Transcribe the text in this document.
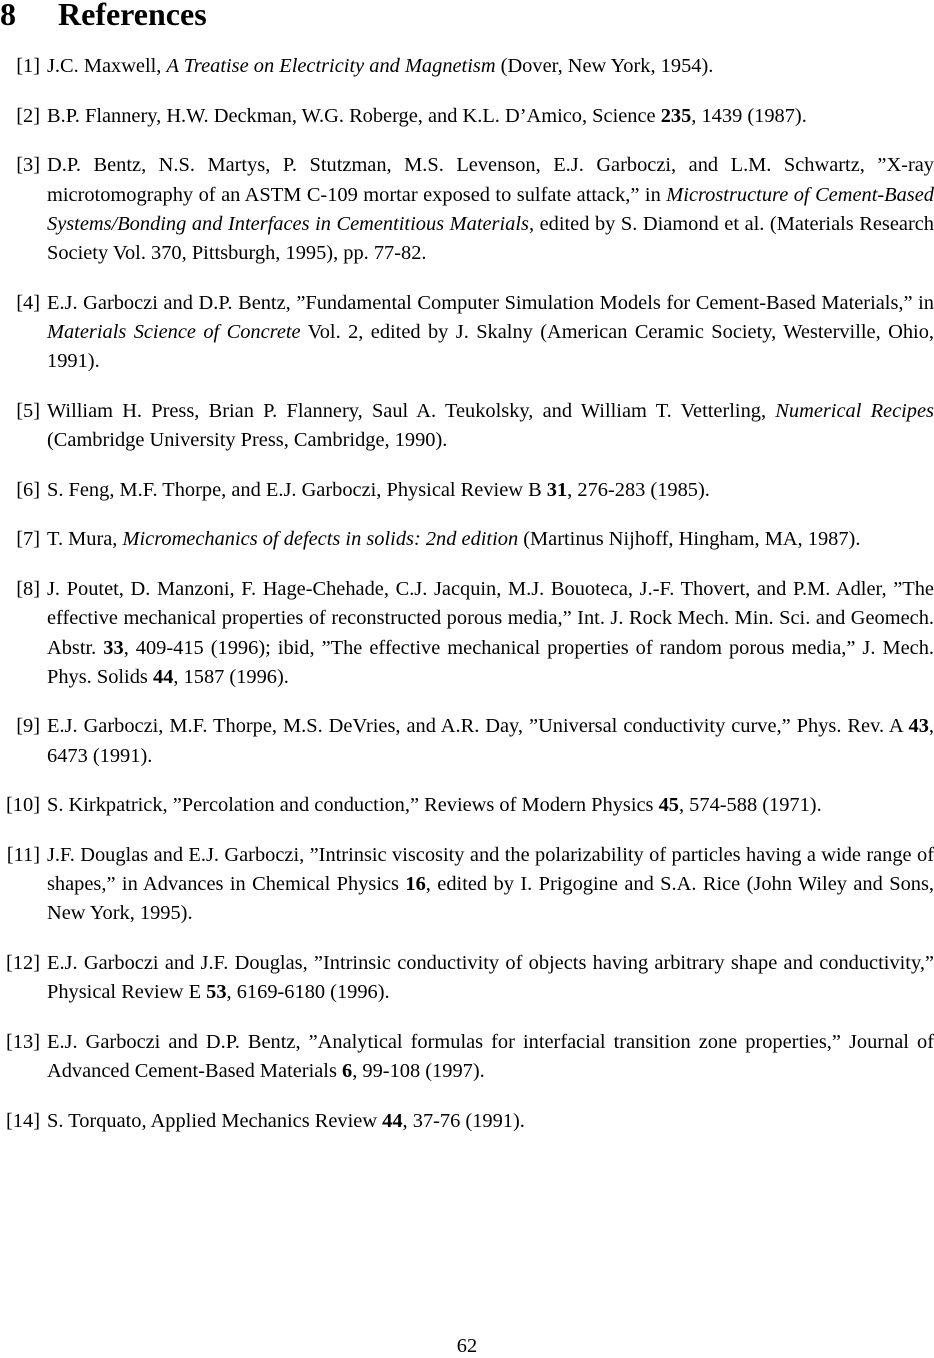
8 References
[1] J.C. Maxwell, A Treatise on Electricity and Magnetism (Dover, New York, 1954).
[2] B.P. Flannery, H.W. Deckman, W.G. Roberge, and K.L. D’Amico, Science 235, 1439 (1987).
[3] D.P. Bentz, N.S. Martys, P. Stutzman, M.S. Levenson, E.J. Garboczi, and L.M. Schwartz, ”X-ray microtomography of an ASTM C-109 mortar exposed to sulfate attack,” in Microstructure of Cement-Based Systems/Bonding and Interfaces in Cementitious Materials, edited by S. Diamond et al. (Materials Research Society Vol. 370, Pittsburgh, 1995), pp. 77-82.
[4] E.J. Garboczi and D.P. Bentz, ”Fundamental Computer Simulation Models for Cement-Based Materials,” in Materials Science of Concrete Vol. 2, edited by J. Skalny (American Ceramic Society, Westerville, Ohio, 1991).
[5] William H. Press, Brian P. Flannery, Saul A. Teukolsky, and William T. Vetterling, Numerical Recipes (Cambridge University Press, Cambridge, 1990).
[6] S. Feng, M.F. Thorpe, and E.J. Garboczi, Physical Review B 31, 276-283 (1985).
[7] T. Mura, Micromechanics of defects in solids: 2nd edition (Martinus Nijhoff, Hingham, MA, 1987).
[8] J. Poutet, D. Manzoni, F. Hage-Chehade, C.J. Jacquin, M.J. Bouoteca, J.-F. Thovert, and P.M. Adler, ”The effective mechanical properties of reconstructed porous media,” Int. J. Rock Mech. Min. Sci. and Geomech. Abstr. 33, 409-415 (1996); ibid, ”The effective mechanical properties of random porous media,” J. Mech. Phys. Solids 44, 1587 (1996).
[9] E.J. Garboczi, M.F. Thorpe, M.S. DeVries, and A.R. Day, ”Universal conductivity curve,” Phys. Rev. A 43, 6473 (1991).
[10] S. Kirkpatrick, ”Percolation and conduction,” Reviews of Modern Physics 45, 574-588 (1971).
[11] J.F. Douglas and E.J. Garboczi, ”Intrinsic viscosity and the polarizability of particles having a wide range of shapes,” in Advances in Chemical Physics 16, edited by I. Prigogine and S.A. Rice (John Wiley and Sons, New York, 1995).
[12] E.J. Garboczi and J.F. Douglas, ”Intrinsic conductivity of objects having arbitrary shape and conductivity,” Physical Review E 53, 6169-6180 (1996).
[13] E.J. Garboczi and D.P. Bentz, ”Analytical formulas for interfacial transition zone properties,” Journal of Advanced Cement-Based Materials 6, 99-108 (1997).
[14] S. Torquato, Applied Mechanics Review 44, 37-76 (1991).
62
